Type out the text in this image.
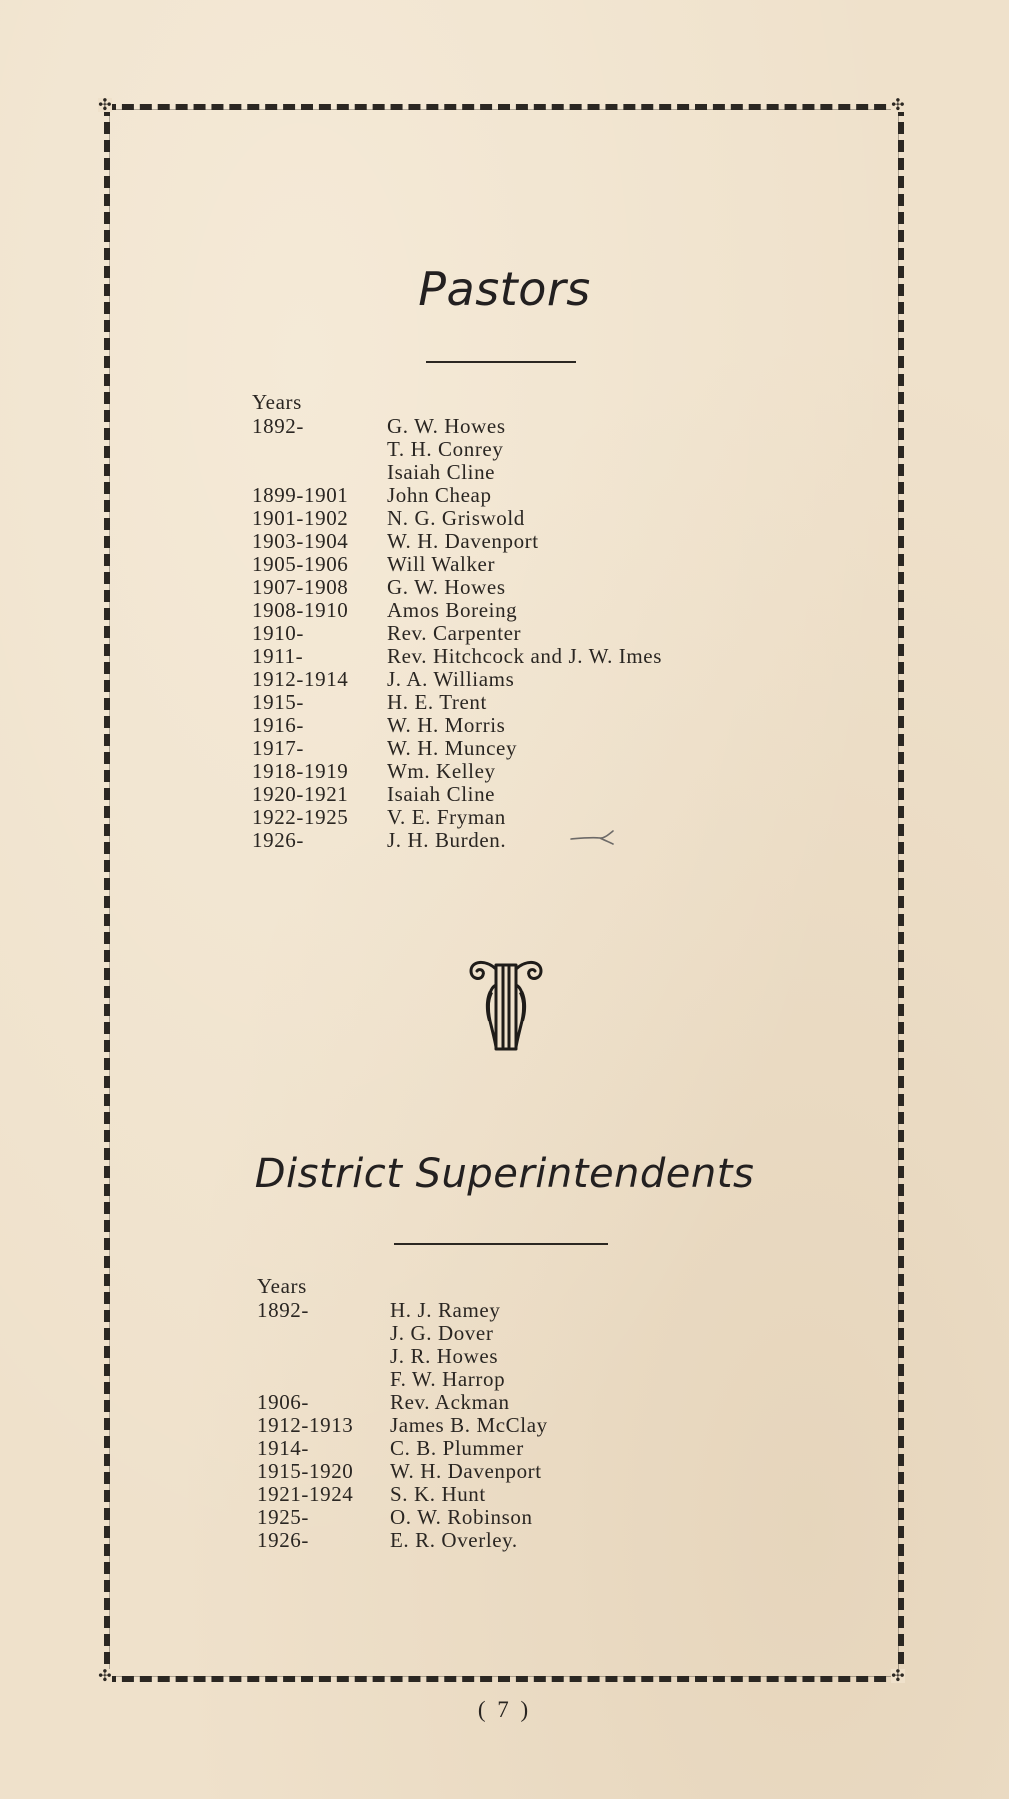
✣	✣
✣	✣
Pastors
Years
1892-	G. W. Howes
T. H. Conrey
Isaiah Cline
1899-1901	John Cheap
1901-1902	N. G. Griswold
1903-1904	W. H. Davenport
1905-1906	Will Walker
1907-1908	G. W. Howes
1908-1910	Amos Boreing
1910-	Rev. Carpenter
1911-	Rev. Hitchcock and J. W. Imes
1912-1914	J. A. Williams
1915-	H. E. Trent
1916-	W. H. Morris
1917-	W. H. Muncey
1918-1919	Wm. Kelley
1920-1921	Isaiah Cline
1922-1925	V. E. Fryman
1926-	J. H. Burden.
District Superintendents
Years
1892-	H. J. Ramey
J. G. Dover
J. R. Howes
F. W. Harrop
1906-	Rev. Ackman
1912-1913	James B. McClay
1914-	C. B. Plummer
1915-1920	W. H. Davenport
1921-1924	S. K. Hunt
1925-	O. W. Robinson
1926-	E. R. Overley.
( 7 )
